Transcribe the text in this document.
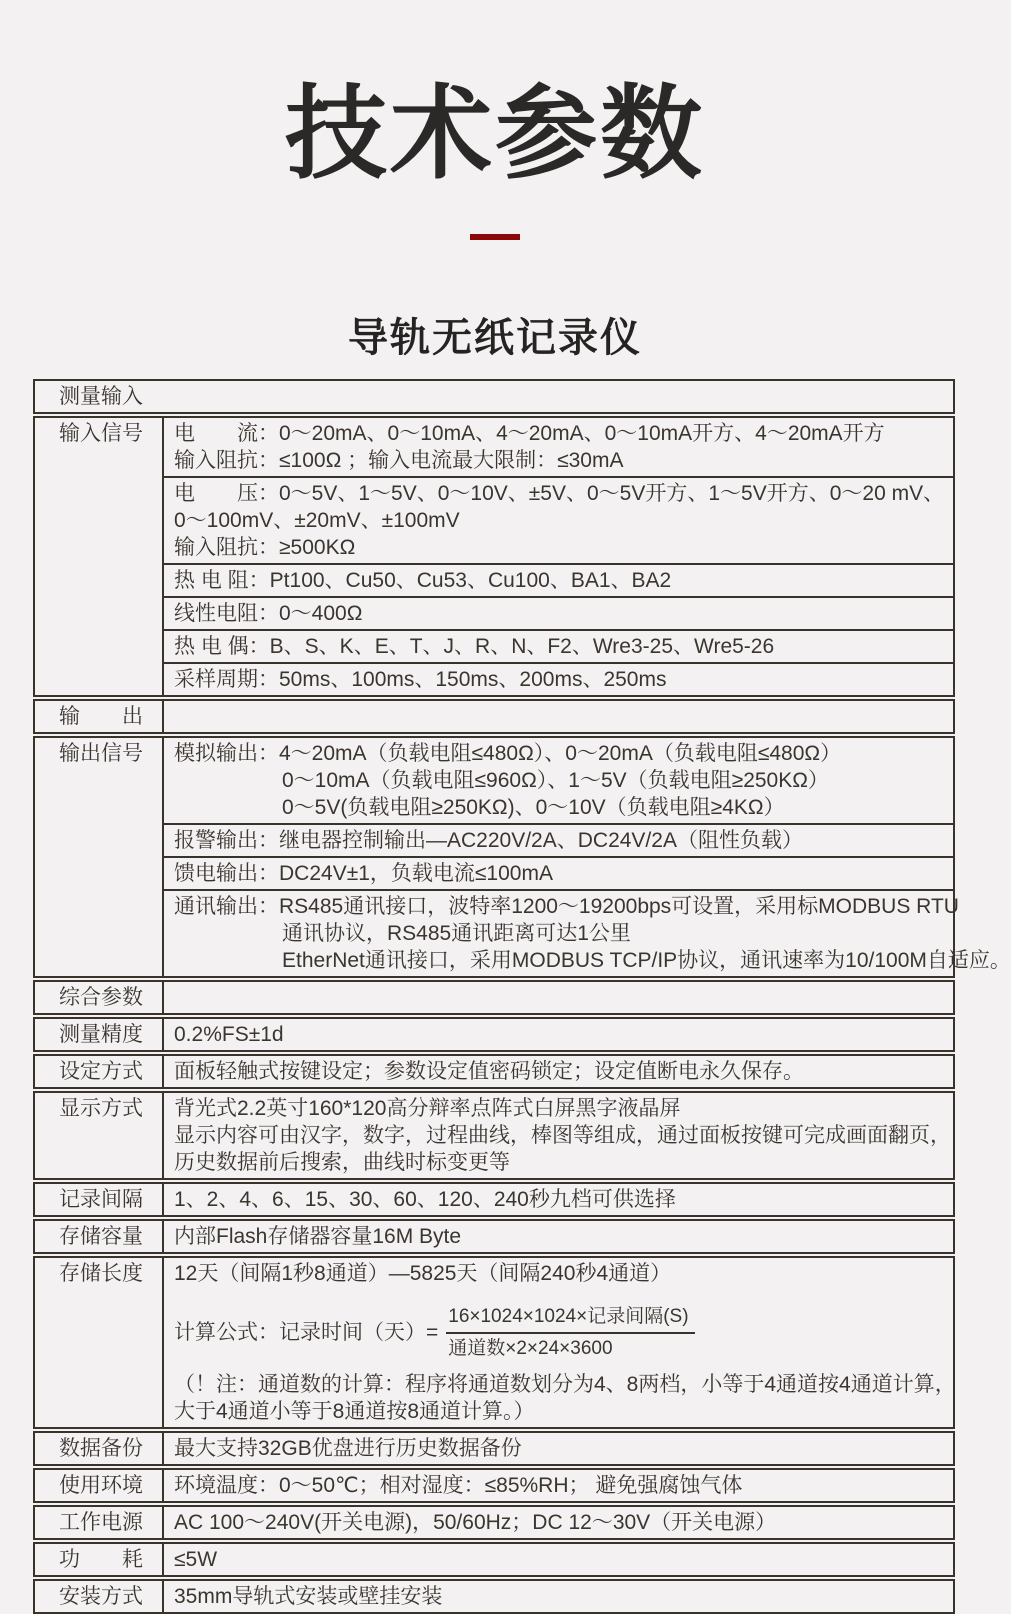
技术参数
导轨无纸记录仪
测量输入
输入信号	电　　流：0～20mA、0～10mA、4～20mA、0～10mA开方、4～20mA开方
输入阻抗：≤100Ω ；输入电流最大限制：≤30mA
电　　压：0～5V、1～5V、0～10V、±5V、0～5V开方、1～5V开方、0～20 mV、
0～100mV、±20mV、±100mV
输入阻抗：≥500KΩ
热 电 阻：Pt100、Cu50、Cu53、Cu100、BA1、BA2
线性电阻：0～400Ω
热 电 偶：B、S、K、E、T、J、R、N、F2、Wre3-25、Wre5-26
采样周期：50ms、100ms、150ms、200ms、250ms
输　　出

输出信号	模拟输出：4～20mA（负载电阻≤480Ω）、0～20mA（负载电阻≤480Ω）
0～10mA（负载电阻≤960Ω）、1～5V（负载电阻≥250KΩ）
0～5V(负载电阻≥250KΩ)、0～10V（负载电阻≥4KΩ）
报警输出：继电器控制输出—AC220V/2A、DC24V/2A（阻性负载）
馈电输出：DC24V±1，负载电流≤100mA
通讯输出：RS485通讯接口，波特率1200～19200bps可设置，采用标MODBUS RTU
通讯协议，RS485通讯距离可达1公里
EtherNet通讯接口，采用MODBUS TCP/IP协议，通讯速率为10/100M自适应。
综合参数

测量精度	0.2%FS±1d
设定方式	面板轻触式按键设定；参数设定值密码锁定；设定值断电永久保存。
显示方式	背光式2.2英寸160*120高分辩率点阵式白屏黑字液晶屏
显示内容可由汉字，数字，过程曲线，棒图等组成，通过面板按键可完成画面翻页，
历史数据前后搜索，曲线时标变更等
记录间隔	1、2、4、6、15、30、60、120、240秒九档可供选择
存储容量	内部Flash存储器容量16M Byte
存储长度	12天（间隔1秒8通道）—5825天（间隔240秒4通道）
计算公式：记录时间（天）= $\frac{\text{16×1024×1024×记录间隔(S)}}{\text{通道数×2×24×3600}}$
（！注：通道数的计算：程序将通道数划分为4、8两档，小等于4通道按4通道计算，
大于4通道小等于8通道按8通道计算。）
数据备份	最大支持32GB优盘进行历史数据备份
使用环境	环境温度：0～50℃；相对湿度：≤85%RH； 避免强腐蚀气体
工作电源	AC 100～240V(开关电源)，50/60Hz；DC 12～30V（开关电源）
功　　耗	≤5W
安装方式	35mm导轨式安装或壁挂安装
